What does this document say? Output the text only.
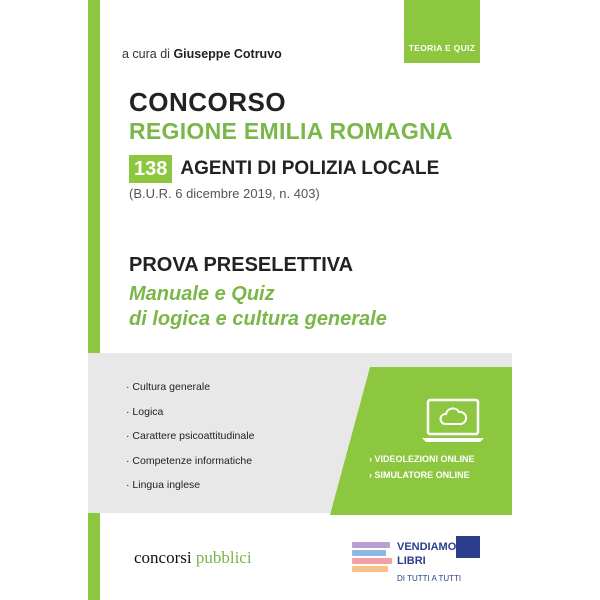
TEORIA E QUIZ
a cura di Giuseppe Cotruvo
CONCORSO
REGIONE EMILIA ROMAGNA
138 AGENTI DI POLIZIA LOCALE
(B.U.R. 6 dicembre 2019, n. 403)
PROVA PRESELETTIVA
Manuale e Quiz
di logica e cultura generale
· Cultura generale
· Logica
· Carattere psicoattitudinale
· Competenze informatiche
· Lingua inglese
› VIDEOLEZIONI ONLINE
› SIMULATORE ONLINE
concorsi pubblici
VENDIAMO
LIBRI
DI TUTTI A TUTTI
